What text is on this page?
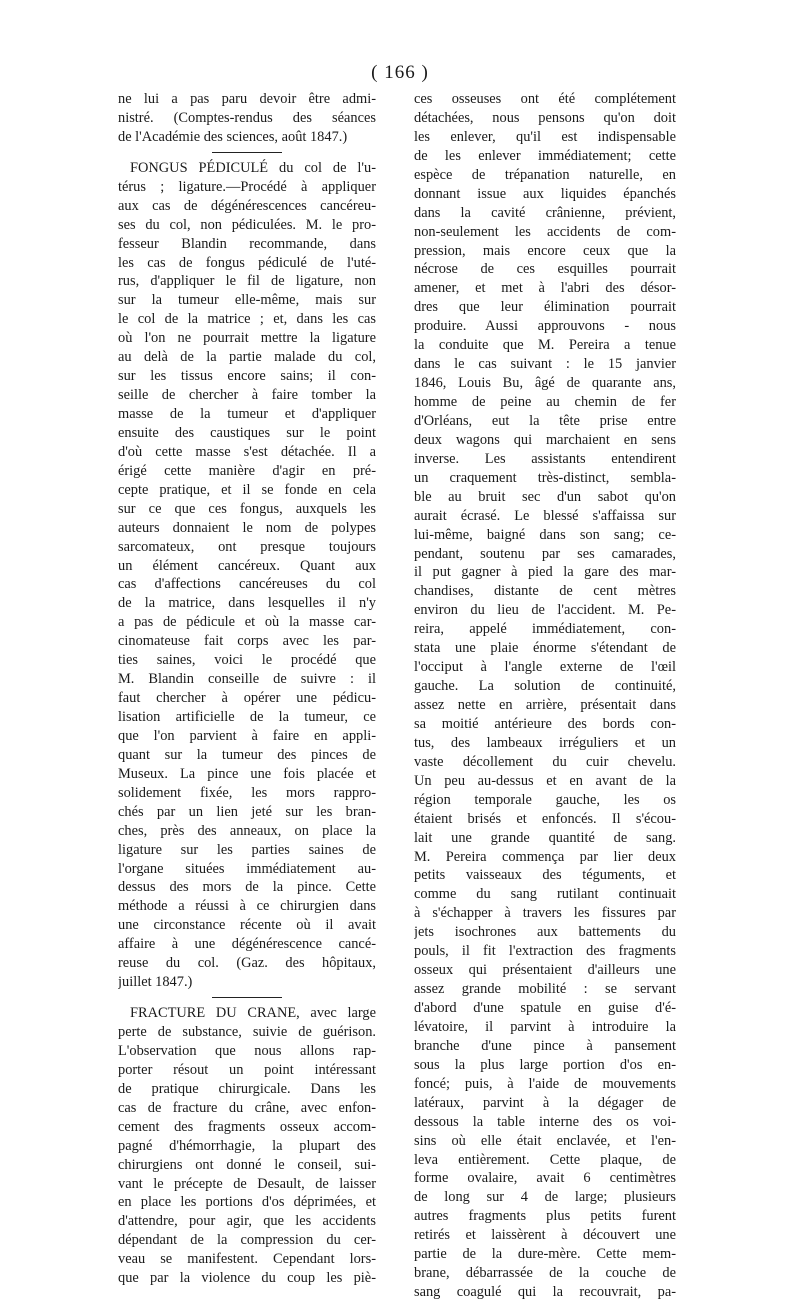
( 166 )
ne lui a pas paru devoir être admi-
nistré. (Comptes-rendus des séances
de l'Académie des sciences, août 1847.)
FONGUS PÉDICULÉ du col de l'u-
térus ; ligature.—Procédé à appliquer
aux cas de dégénérescences cancéreu-
ses du col, non pédiculées. M. le pro-
fesseur Blandin recommande, dans
les cas de fongus pédiculé de l'uté-
rus, d'appliquer le fil de ligature, non
sur la tumeur elle-même, mais sur
le col de la matrice ; et, dans les cas
où l'on ne pourrait mettre la ligature
au delà de la partie malade du col,
sur les tissus encore sains; il con-
seille de chercher à faire tomber la
masse de la tumeur et d'appliquer
ensuite des caustiques sur le point
d'où cette masse s'est détachée. Il a
érigé cette manière d'agir en pré-
cepte pratique, et il se fonde en cela
sur ce que ces fongus, auxquels les
auteurs donnaient le nom de polypes
sarcomateux, ont presque toujours
un élément cancéreux. Quant aux
cas d'affections cancéreuses du col
de la matrice, dans lesquelles il n'y
a pas de pédicule et où la masse car-
cinomateuse fait corps avec les par-
ties saines, voici le procédé que
M. Blandin conseille de suivre : il
faut chercher à opérer une pédicu-
lisation artificielle de la tumeur, ce
que l'on parvient à faire en appli-
quant sur la tumeur des pinces de
Museux. La pince une fois placée et
solidement fixée, les mors rappro-
chés par un lien jeté sur les bran-
ches, près des anneaux, on place la
ligature sur les parties saines de
l'organe situées immédiatement au-
dessus des mors de la pince. Cette
méthode a réussi à ce chirurgien dans
une circonstance récente où il avait
affaire à une dégénérescence cancé-
reuse du col. (Gaz. des hôpitaux,
juillet 1847.)
FRACTURE DU CRANE, avec large
perte de substance, suivie de guérison.
L'observation que nous allons rap-
porter résout un point intéressant
de pratique chirurgicale. Dans les
cas de fracture du crâne, avec enfon-
cement des fragments osseux accom-
pagné d'hémorrhagie, la plupart des
chirurgiens ont donné le conseil, sui-
vant le précepte de Desault, de laisser
en place les portions d'os déprimées, et
d'attendre, pour agir, que les accidents
dépendant de la compression du cer-
veau se manifestent. Cependant lors-
que par la violence du coup les piè-
ces osseuses ont été complétement
détachées, nous pensons qu'on doit
les enlever, qu'il est indispensable
de les enlever immédiatement; cette
espèce de trépanation naturelle, en
donnant issue aux liquides épanchés
dans la cavité crânienne, prévient,
non-seulement les accidents de com-
pression, mais encore ceux que la
nécrose de ces esquilles pourrait
amener, et met à l'abri des désor-
dres que leur élimination pourrait
produire. Aussi approuvons - nous
la conduite que M. Pereira a tenue
dans le cas suivant : le 15 janvier
1846, Louis Bu, âgé de quarante ans,
homme de peine au chemin de fer
d'Orléans, eut la tête prise entre
deux wagons qui marchaient en sens
inverse. Les assistants entendirent
un craquement très-distinct, sembla-
ble au bruit sec d'un sabot qu'on
aurait écrasé. Le blessé s'affaissa sur
lui-même, baigné dans son sang; ce-
pendant, soutenu par ses camarades,
il put gagner à pied la gare des mar-
chandises, distante de cent mètres
environ du lieu de l'accident. M. Pe-
reira, appelé immédiatement, con-
stata une plaie énorme s'étendant de
l'occiput à l'angle externe de l'œil
gauche. La solution de continuité,
assez nette en arrière, présentait dans
sa moitié antérieure des bords con-
tus, des lambeaux irréguliers et un
vaste décollement du cuir chevelu.
Un peu au-dessus et en avant de la
région temporale gauche, les os
étaient brisés et enfoncés. Il s'écou-
lait une grande quantité de sang.
M. Pereira commença par lier deux
petits vaisseaux des téguments, et
comme du sang rutilant continuait
à s'échapper à travers les fissures par
jets isochrones aux battements du
pouls, il fit l'extraction des fragments
osseux qui présentaient d'ailleurs une
assez grande mobilité : se servant
d'abord d'une spatule en guise d'é-
lévatoire, il parvint à introduire la
branche d'une pince à pansement
sous la plus large portion d'os en-
foncé; puis, à l'aide de mouvements
latéraux, parvint à la dégager de
dessous la table interne des os voi-
sins où elle était enclavée, et l'en-
leva entièrement. Cette plaque, de
forme ovalaire, avait 6 centimètres
de long sur 4 de large; plusieurs
autres fragments plus petits furent
retirés et laissèrent à découvert une
partie de la dure-mère. Cette mem-
brane, débarrassée de la couche de
sang coagulé qui la recouvrait, pa-
